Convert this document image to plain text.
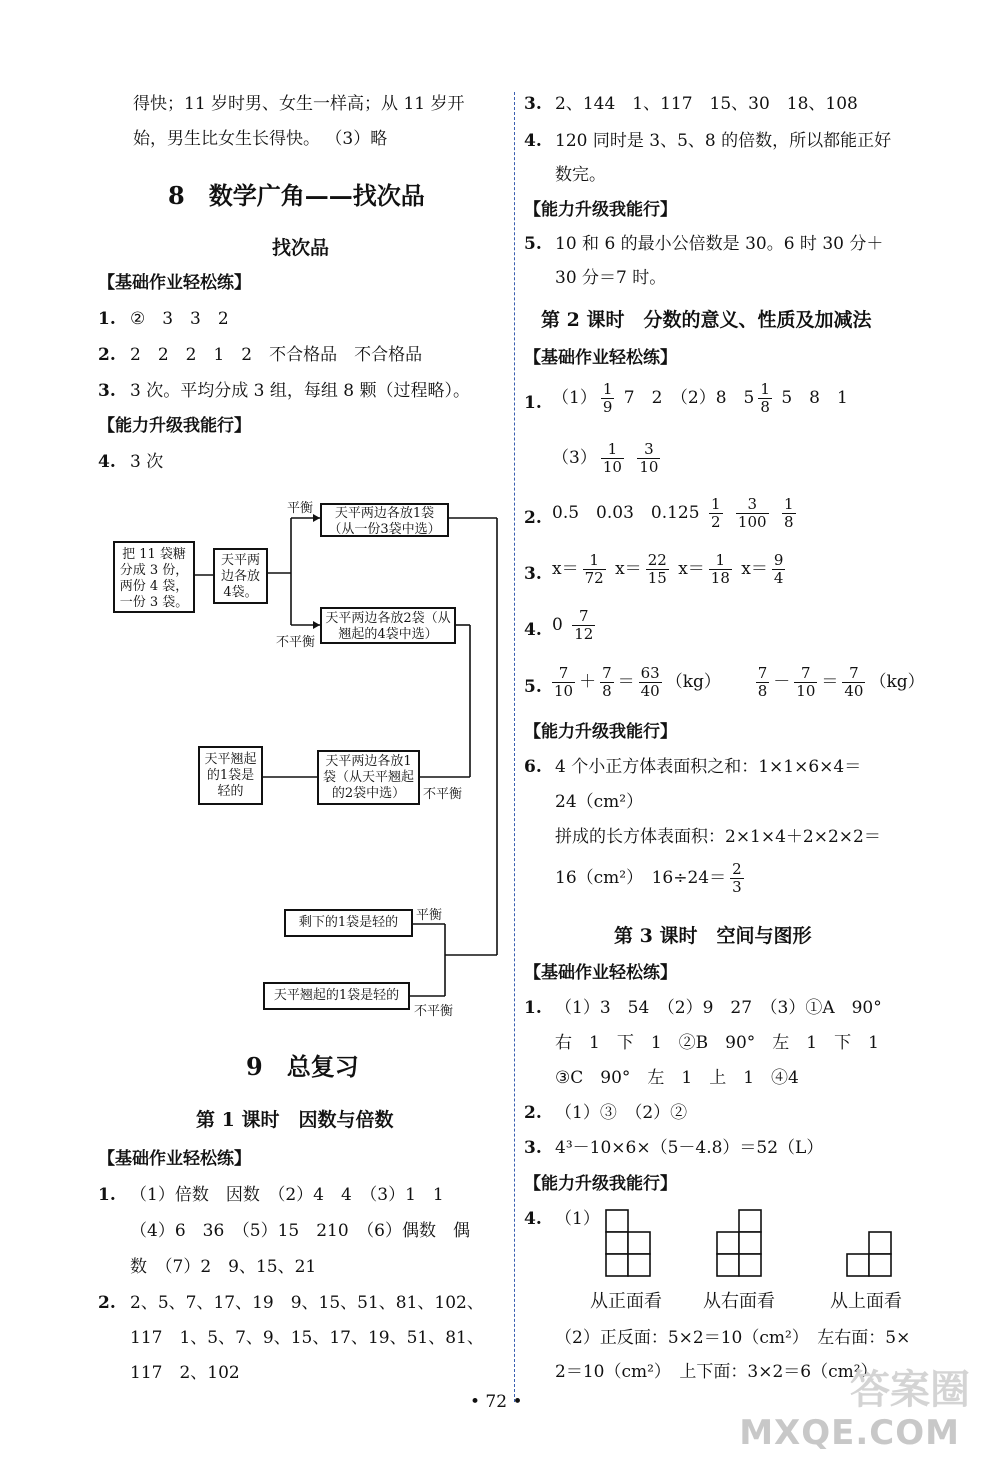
得快；11 岁时男、女生一样高；从 11 岁开
始，男生比女生长得快。 （3）略
8　数学广角——找次品
找次品
【基础作业轻松练】
1. ②　3　3　2
2. 2　2　2　1　2　不合格品　不合格品
3. 3 次。平均分成 3 组，每组 8 颗（过程略）。
【能力升级我能行】
4. 3 次
把 11 袋糖分成 3 份，两份 4 袋，一份 3 袋。
天平两边各放4袋。
天平两边各放1袋（从一份3袋中选）
天平两边各放2袋（从翘起的4袋中选）
天平两边各放1袋（从天平翘起的2袋中选）
天平翘起的1袋是轻的
剩下的1袋是轻的
天平翘起的1袋是轻的
平衡
不平衡
不平衡
平衡
不平衡
9　总复习
第 1 课时　因数与倍数
【基础作业轻松练】
1. （1）倍数　因数　（2）4　4　（3）1　1
（4）6　36　（5）15　210　（6）偶数　偶
数　（7）2　9、15、21
2. 2、5、7、17、19　9、15、51、81、102、
117　1、5、7、9、15、17、19、51、81、
117　2、102
3. 2、144　1、117　15、30　18、108
4. 120 同时是 3、5、8 的倍数，所以都能正好
数完。
【能力升级我能行】
5. 10 和 6 的最小公倍数是 30。6 时 30 分＋
30 分＝7 时。
第 2 课时　分数的意义、性质及加减法
【基础作业轻松练】
1. $(1) \frac{1}{9} 7$　2　（2）8　$5 \frac{1}{8} 5$　8　1
$(3) \frac{1}{10}$
$\frac{3}{10}$
2. 0.5　0.03　$0.125 \frac{1}{2}$
$\frac{3}{100}$
$\frac{1}{8}$
3. $x= \frac{1}{72} x= \frac{22}{15} x= \frac{1}{18} x= \frac{9}{4}$
4. $0 \frac{7}{12}$
5. $\frac{7}{10} + \frac{7}{8} = \frac{63}{40} (kg) \frac{7}{8} - \frac{7}{10} = \frac{7}{40} (kg)$
【能力升级我能行】
6. 4 个小正方体表面积之和：1×1×6×4＝
24（cm²）
拼成的长方体表面积：2×1×4＋2×2×2＝
16（cm²）　$16\div 24= \frac{2}{3}$
第 3 课时　空间与图形
【基础作业轻松练】
1. （1）3　54　（2）9　27　（3）①A　90°
右　1　下　1　②B　90°　左　1　下　1
③C　90°　左　1　上　1　④4
2. （1）③　（2）②
3. 4³－10×6×（5－4.8）＝52（L）
【能力升级我能行】
4. （1）
从正面看 从右面看	从上面看
（2）正反面：5×2＝10（cm²）　左右面：5×
2＝10（cm²）　上下面：3×2＝6（cm²）
• 72 •	答案圈
MXQE.COM
